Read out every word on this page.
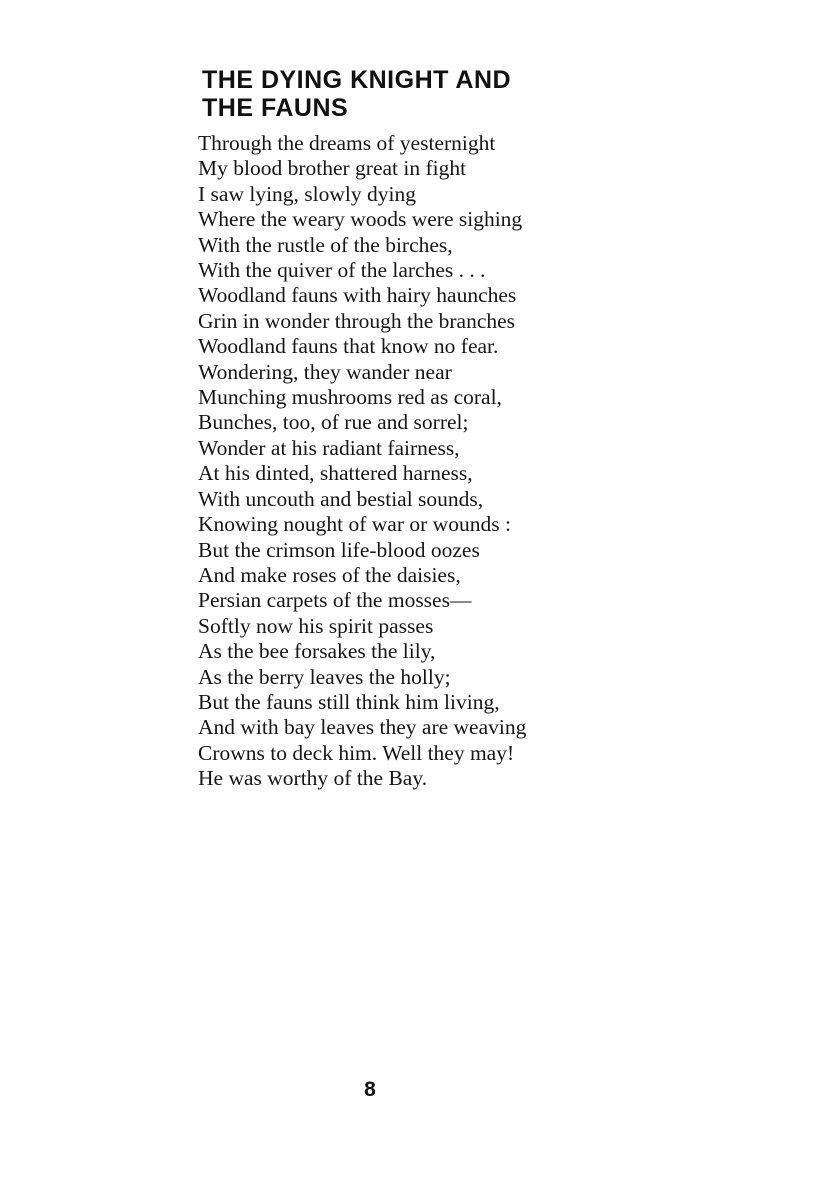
THE DYING KNIGHT AND
THE FAUNS
Through the dreams of yesternight
My blood brother great in fight
I saw lying, slowly dying
Where the weary woods were sighing
With the rustle of the birches,
With the quiver of the larches . . .
Woodland fauns with hairy haunches
Grin in wonder through the branches
Woodland fauns that know no fear.
Wondering, they wander near
Munching mushrooms red as coral,
Bunches, too, of rue and sorrel;
Wonder at his radiant fairness,
At his dinted, shattered harness,
With uncouth and bestial sounds,
Knowing nought of war or wounds :
But the crimson life-blood oozes
And make roses of the daisies,
Persian carpets of the mosses—
Softly now his spirit passes
As the bee forsakes the lily,
As the berry leaves the holly;
But the fauns still think him living,
And with bay leaves they are weaving
Crowns to deck him. Well they may!
He was worthy of the Bay.
8
